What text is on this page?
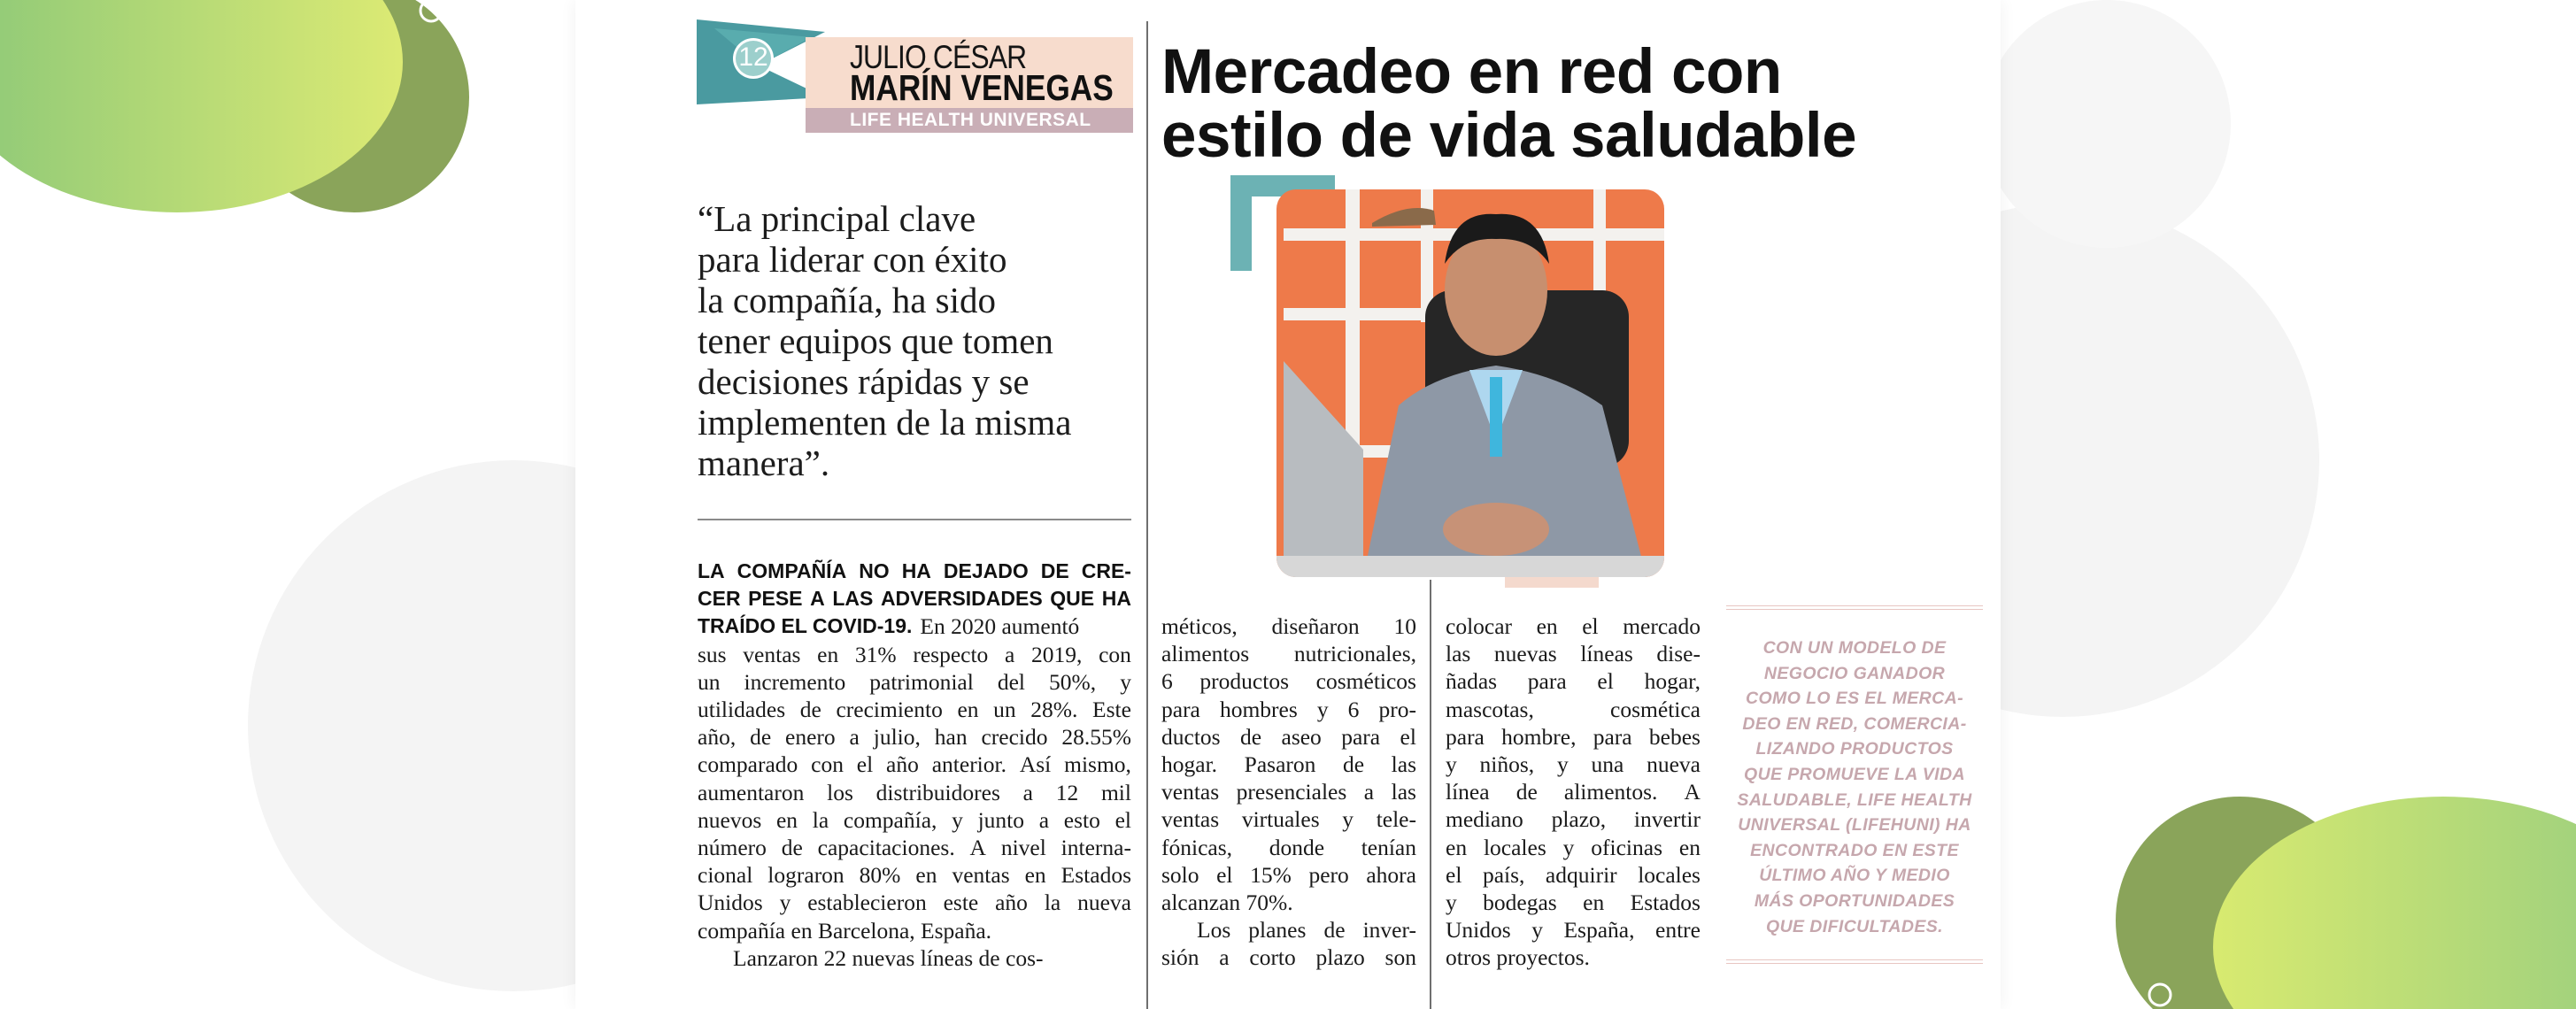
12 JULIO CÉSAR
MARÍN VENEGAS
LIFE HEALTH UNIVERSAL
Mercadeo en red con
estilo de vida saludable
“La principal clave
para liderar con éxito
la compañía, ha sido
tener equipos que tomen
decisiones rápidas y se
implementen de la misma
manera”.
LA COMPAÑÍA NO HA DEJADO DE CRE-
CER PESE A LAS ADVERSIDADES QUE HA
TRAÍDO EL COVID-19. En 2020 aumentó
sus ventas en 31% respecto a 2019, con
un incremento patrimonial del 50%, y
utilidades de crecimiento en un 28%. Este
año, de enero a julio, han crecido 28.55%
comparado con el año anterior. Así mismo,
aumentaron los distribuidores a 12 mil
nuevos en la compañía, y junto a esto el
número de capacitaciones. A nivel interna-
cional lograron 80% en ventas en Estados
Unidos y establecieron este año la nueva
compañía en Barcelona, España.
Lanzaron 22 nuevas líneas de cos-
méticos, diseñaron 10
alimentos nutricionales,
6 productos cosméticos
para hombres y 6 pro-
ductos de aseo para el
hogar. Pasaron de las
ventas presenciales a las
ventas virtuales y tele-
fónicas, donde tenían
solo el 15% pero ahora
alcanzan 70%.
Los planes de inver-
sión a corto plazo son
colocar en el mercado
las nuevas líneas dise-
ñadas para el hogar,
mascotas,	cosmética
para hombre, para bebes
y niños, y una nueva
línea de alimentos. A
mediano plazo, invertir
en locales y oficinas en
el país, adquirir locales
y bodegas en Estados
Unidos y España, entre
otros proyectos.
CON UN MODELO DE
NEGOCIO GANADOR
COMO LO ES EL MERCA-
DEO EN RED, COMERCIA-
LIZANDO PRODUCTOS
QUE PROMUEVE LA VIDA
SALUDABLE, LIFE HEALTH
UNIVERSAL (LIFEHUNI) HA
ENCONTRADO EN ESTE
ÚLTIMO AÑO Y MEDIO
MÁS OPORTUNIDADES
QUE DIFICULTADES.
